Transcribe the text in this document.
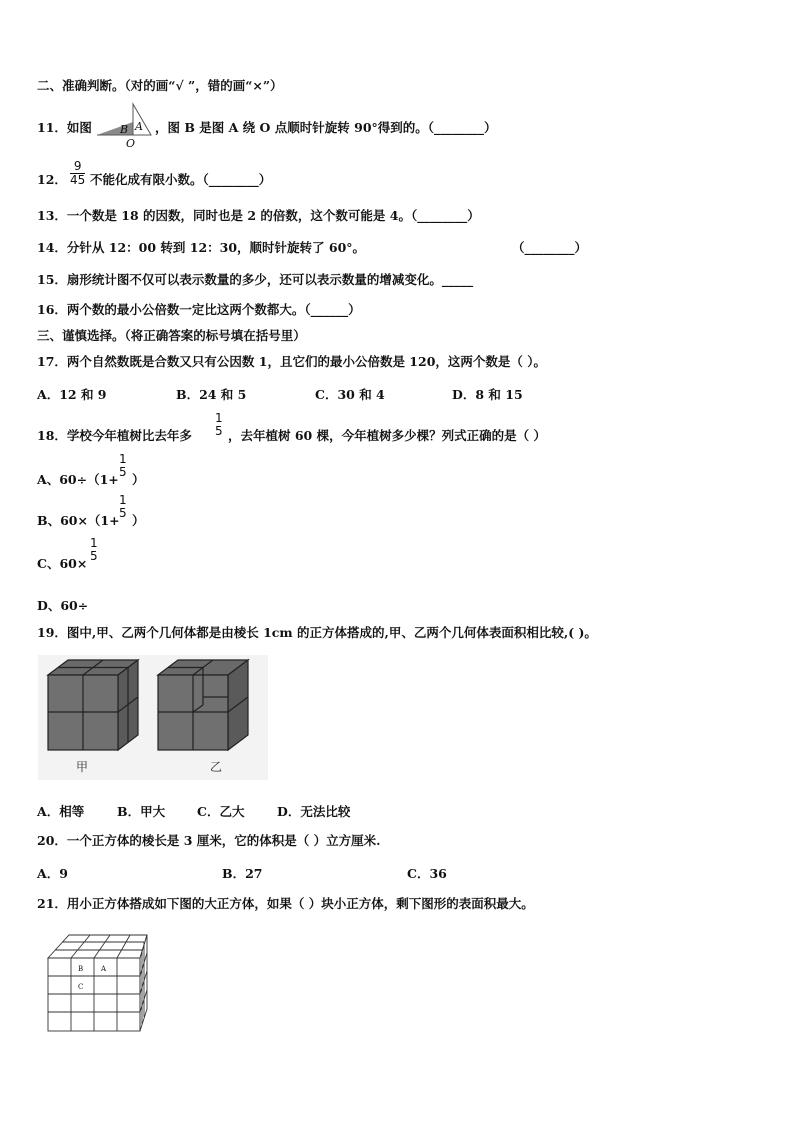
二、准确判断。（对的画“√ ”，错的画“×”）
11．如图	B A
O
，图 B 是图 A 绕 O 点顺时针旋转 90°得到的。（________）
12． $\frac{9}{45}$ 不能化成有限小数。（________）
13．一个数是 18 的因数，同时也是 2 的倍数，这个数可能是 4。（________）
14．分针从 12：00 转到 12：30，顺时针旋转了 60°。	（________）
15．扇形统计图不仅可以表示数量的多少，还可以表示数量的增减变化。_____
16．两个数的最小公倍数一定比这两个数都大。（______）
三、谨慎选择。（将正确答案的标号填在括号里）
17．两个自然数既是合数又只有公因数 1，且它们的最小公倍数是 120，这两个数是（ ）。
A．12 和 9	B．24 和 5	C．30 和 4	D．8 和 15
18．学校今年植树比去年多
1
5 ，去年植树 60 棵，今年植树多少棵？列式正确的是（ ）
A、60÷（1+
1
5 ）
B、60×（1+
1
5 ）
C、60×
1
5
D、60÷
19．图中,甲、乙两个几何体都是由棱长 1cm 的正方体搭成的,甲、乙两个几何体表面积相比较,( )。
甲	乙
A．相等	B．甲大	C．乙大	D．无法比较
20．一个正方体的棱长是 3 厘米，它的体积是（ ）立方厘米.
A．9	B．27	C．36
21．用小正方体搭成如下图的大正方体，如果（ ）块小正方体，剩下图形的表面积最大。
B	A
C
